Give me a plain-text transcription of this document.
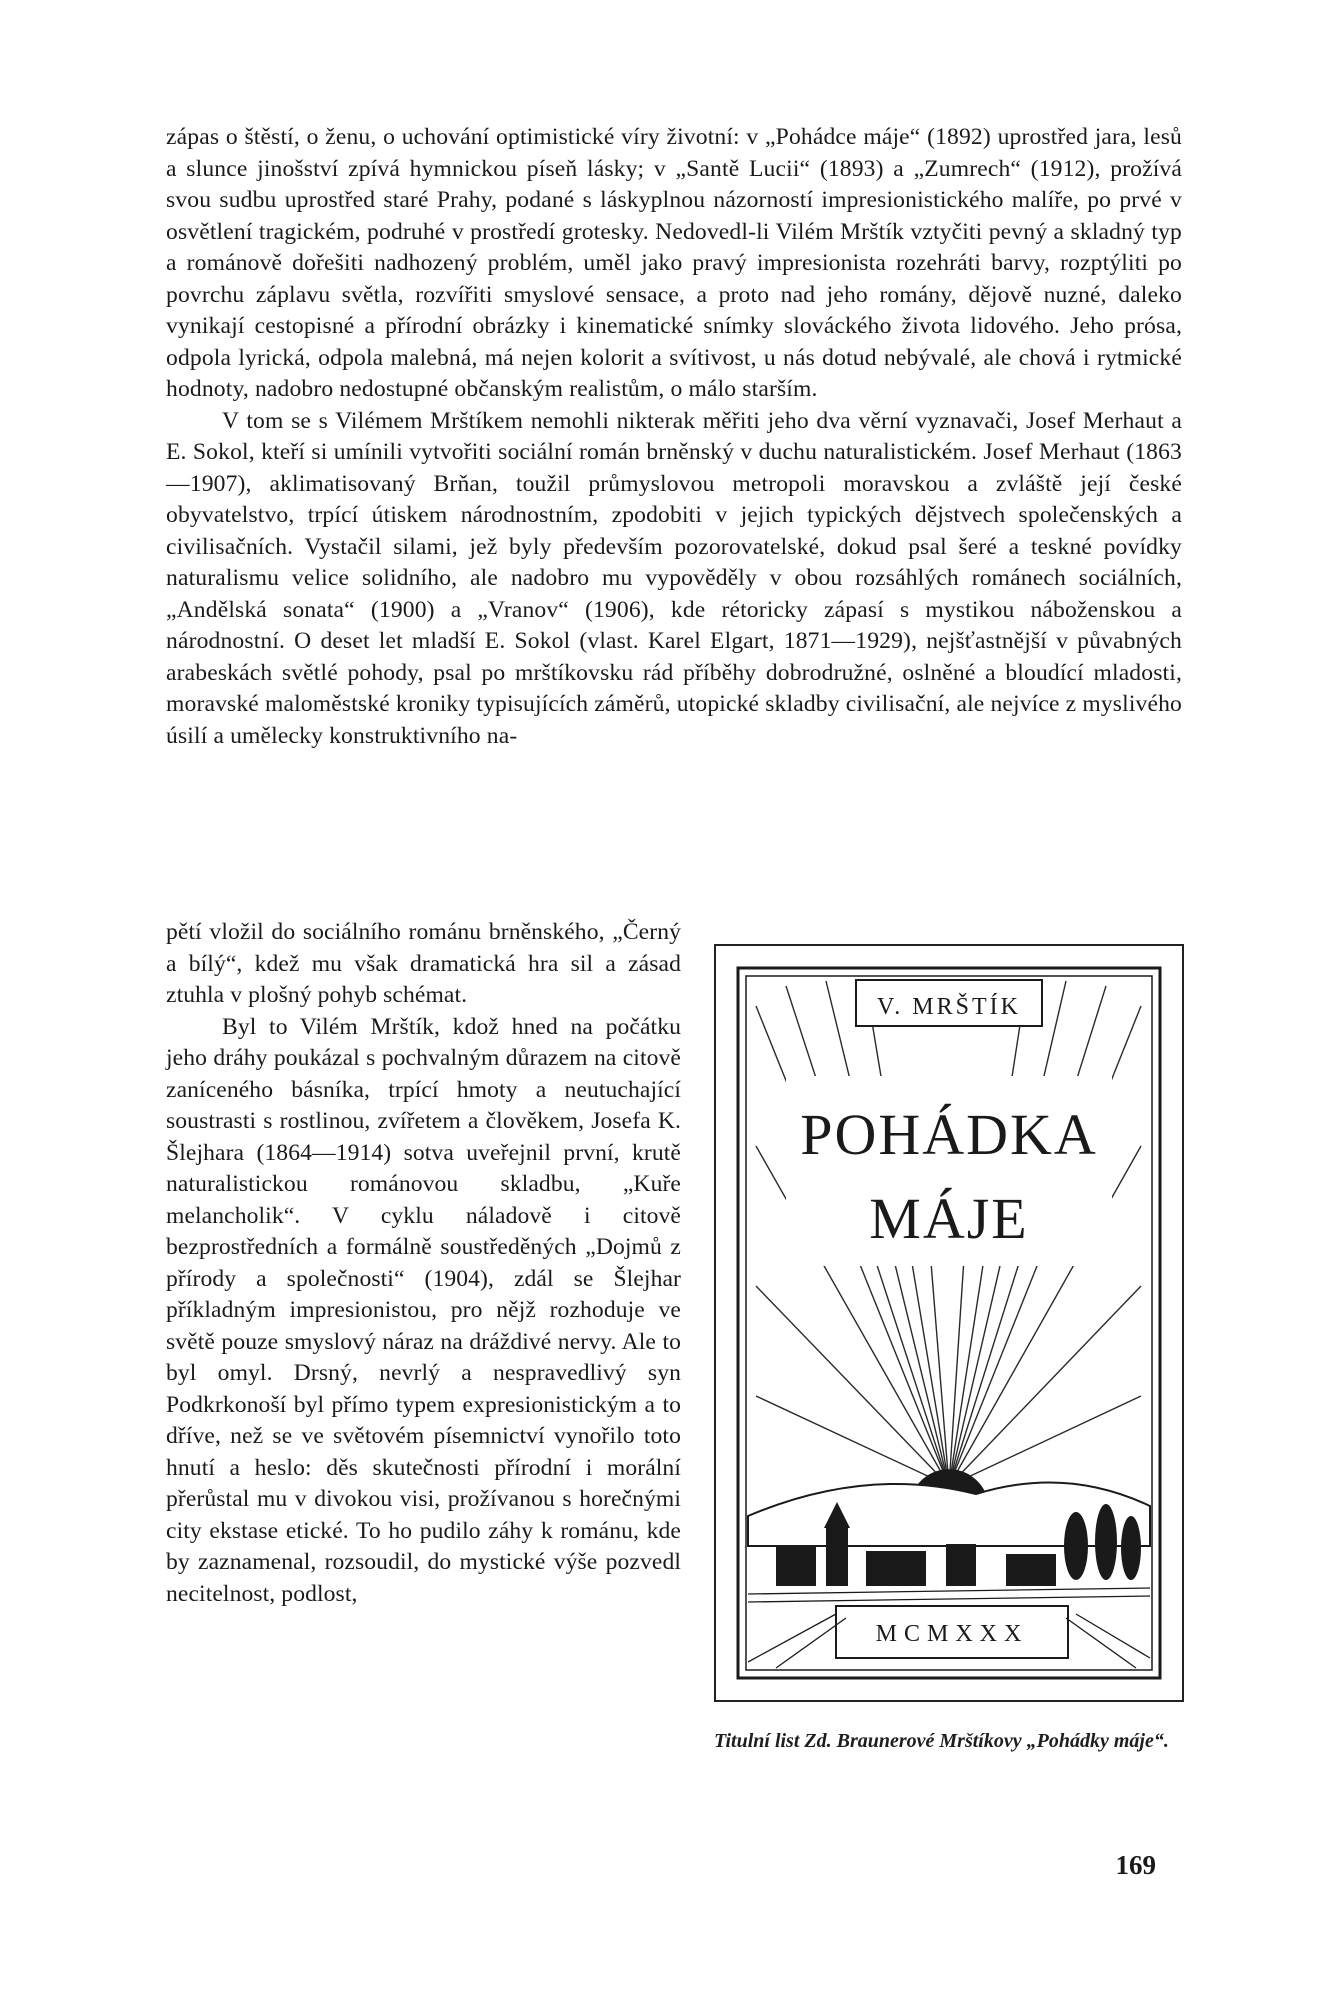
zápas o štěstí, o ženu, o uchování optimistické víry životní: v „Pohádce máje“ (1892) uprostřed jara, lesů a slunce jinošství zpívá hymnickou píseň lásky; v „Santě Lucii“ (1893) a „Zumrech“ (1912), prožívá svou sudbu uprostřed staré Prahy, podané s láskyplnou názorností impresionistického malíře, po prvé v osvětlení tragickém, podruhé v prostředí grotesky. Nedovedl-li Vilém Mrštík vztyčiti pevný a skladný typ a románově dořešiti nadhozený problém, uměl jako pravý impresionista rozehráti barvy, rozptýliti po povrchu záplavu světla, rozvířiti smyslové sensace, a proto nad jeho romány, dějově nuzné, daleko vynikají cestopisné a přírodní obrázky i kinematické snímky slováckého života lidového. Jeho prósa, odpola lyrická, odpola malebná, má nejen kolorit a svítivost, u nás dotud nebývalé, ale chová i rytmické hodnoty, nadobro nedostupné občanským realistům, o málo starším.

V tom se s Vilémem Mrštíkem nemohli nikterak měřiti jeho dva věrní vyznavači, Josef Merhaut a E. Sokol, kteří si umínili vytvořiti sociální román brněnský v duchu naturalistickém. Josef Merhaut (1863—1907), aklimatisovaný Brňan, toužil průmyslovou metropoli moravskou a zvláště její české obyvatelstvo, trpící útiskem národnostním, zpodobiti v jejich typických dějstvech společenských a civilisačních. Vystačil silami, jež byly především pozorovatelské, dokud psal šeré a teskné povídky naturalismu velice solidního, ale nadobro mu vypověděly v obou rozsáhlých románech sociálních, „Andělská sonata“ (1900) a „Vranov“ (1906), kde rétoricky zápasí s mystikou náboženskou a národnostní. O deset let mladší E. Sokol (vlast. Karel Elgart, 1871—1929), nejšťastnější v půvabných arabeskách světlé pohody, psal po mrštíkovsku rád příběhy dobrodružné, oslněné a bloudící mladosti, moravské maloměstské kroniky typisujících záměrů, utopické skladby civilisační, ale nejvíce z myslivého úsilí a umělecky konstruktivního na-

pětí vložil do sociálního románu brněnského, „Černý a bílý“, kdež mu však dramatická hra sil a zásad ztuhla v plošný pohyb schémat.

Byl to Vilém Mrštík, kdož hned na počátku jeho dráhy poukázal s pochvalným důrazem na citově zaníceného básníka, trpící hmoty a neutuchající soustrasti s rostlinou, zvířetem a člověkem, Josefa K. Šlejhara (1864—1914) sotva uveřejnil první, krutě naturalistickou románovou skladbu, „Kuře melancholik“. V cyklu náladově i citově bezprostředních a formálně soustředěných „Dojmů z přírody a společnosti“ (1904), zdál se Šlejhar příkladným impresionistou, pro nějž rozhoduje ve světě pouze smyslový náraz na dráždivé nervy. Ale to byl omyl. Drsný, nevrlý a nespravedlivý syn Podkrkonoší byl přímo typem expresionistickým a to dříve, než se ve světovém písemnictví vynořilo toto hnutí a heslo: děs skutečnosti přírodní i morální přerůstal mu v divokou visi, prožívanou s horečnými city ekstase etické. To ho pudilo záhy k románu, kde by zaznamenal, rozsoudil, do mystické výše pozvedl necitelnost, podlost,

V. MRŠTÍK
POHÁDKA
MÁJE
MCMXXX
Titulní list Zd. Braunerové Mrštíkovy „Pohádky máje“.
169
